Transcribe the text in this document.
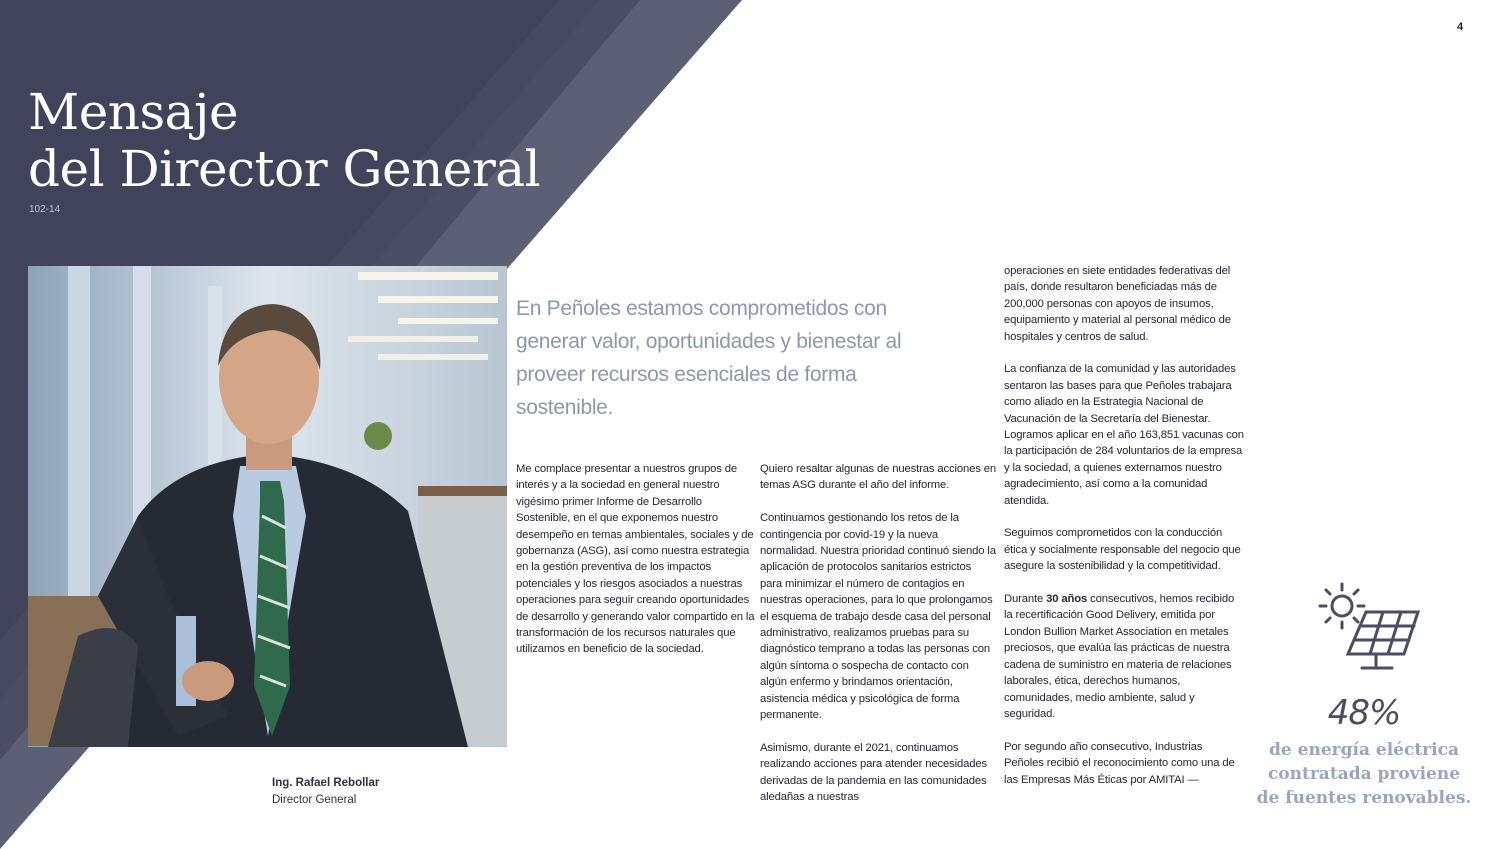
4
Mensaje
del Director General
102-14
Ing. Rafael Rebollar
Director General
En Peñoles estamos comprometidos con generar valor, oportunidades y bienestar al proveer recursos esenciales de forma sostenible.

Me complace presentar a nuestros grupos de interés y a la sociedad en general nuestro vigésimo primer Informe de Desarrollo Sostenible, en el que exponemos nuestro desempeño en temas ambientales, sociales y de gobernanza (ASG), así como nuestra estrategia en la gestión preventiva de los impactos potenciales y los riesgos asociados a nuestras operaciones para seguir creando oportunidades de desarrollo y generando valor compartido en la transformación de los recursos naturales que utilizamos en beneficio de la sociedad.

Quiero resaltar algunas de nuestras acciones en temas ASG durante el año del informe.

Continuamos gestionando los retos de la contingencia por covid-19 y la nueva normalidad. Nuestra prioridad continuó siendo la aplicación de protocolos sanitarios estrictos para minimizar el número de contagios en nuestras operaciones, para lo que prolongamos el esquema de trabajo desde casa del personal administrativo, realizamos pruebas para su diagnóstico temprano a todas las personas con algún síntoma o sospecha de contacto con algún enfermo y brindamos orientación, asistencia médica y psicológica de forma permanente.

Asimismo, durante el 2021, continuamos realizando acciones para atender necesidades derivadas de la pandemia en las comunidades aledañas a nuestras

operaciones en siete entidades federativas del país, donde resultaron beneficiadas más de 200,000 personas con apoyos de insumos, equipamiento y material al personal médico de hospitales y centros de salud.

La confianza de la comunidad y las autoridades sentaron las bases para que Peñoles trabajara como aliado en la Estrategia Nacional de Vacunación de la Secretaría del Bienestar. Logramos aplicar en el año 163,851 vacunas con la participación de 284 voluntarios de la empresa y la sociedad, a quienes externamos nuestro agradecimiento, así como a la comunidad atendida.

Seguimos comprometidos con la conducción ética y socialmente responsable del negocio que asegure la sostenibilidad y la competitividad.

Durante 30 años consecutivos, hemos recibido la recertificación Good Delivery, emitida por London Bullion Market Association en metales preciosos, que evalúa las prácticas de nuestra cadena de suministro en materia de relaciones laborales, ética, derechos humanos, comunidades, medio ambiente, salud y seguridad.

Por segundo año consecutivo, Industrias Peñoles recibió el reconocimiento como una de las Empresas Más Éticas por AMITAI —

48%
de energía eléctrica contratada proviene de fuentes renovables.
